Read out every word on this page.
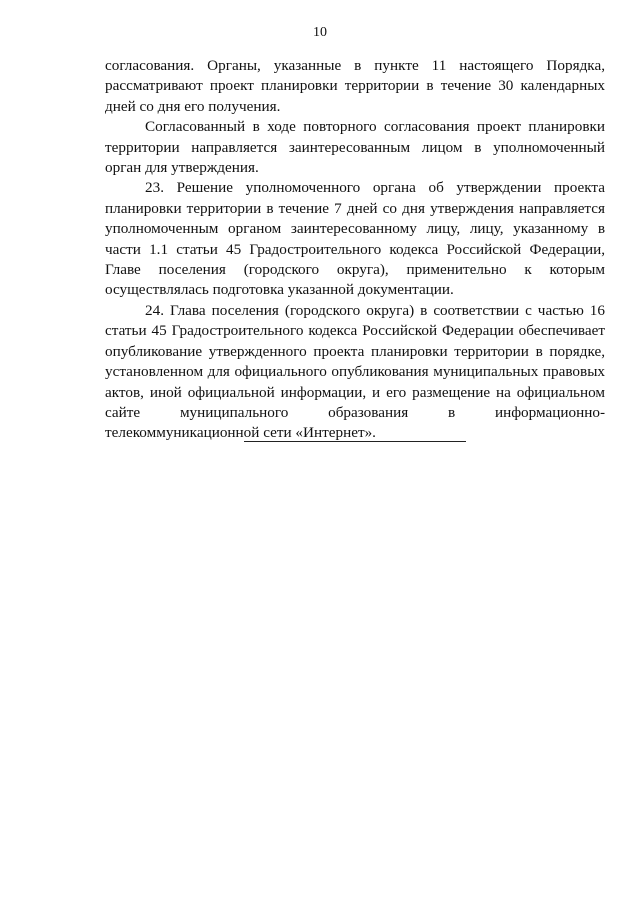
10

согласования. Органы, указанные в пункте 11 настоящего Порядка, рассматривают проект планировки территории в течение 30 календарных дней со дня его получения.

Согласованный в ходе повторного согласования проект планировки территории направляется заинтересованным лицом в уполномоченный орган для утверждения.

23. Решение уполномоченного органа об утверждении проекта планировки территории в течение 7 дней со дня утверждения направляется уполномоченным органом заинтересованному лицу, лицу, указанному в части 1.1 статьи 45 Градостроительного кодекса Российской Федерации, Главе поселения (городского округа), применительно к которым осуществлялась подготовка указанной документации.

24. Глава поселения (городского округа) в соответствии с частью 16 статьи 45 Градостроительного кодекса Российской Федерации обеспечивает опубликование утвержденного проекта планировки территории в порядке, установленном для официального опубликования муниципальных правовых актов, иной официальной информации, и его размещение на официальном сайте муниципального образования в информационно-телекоммуникационной сети «Интернет».
